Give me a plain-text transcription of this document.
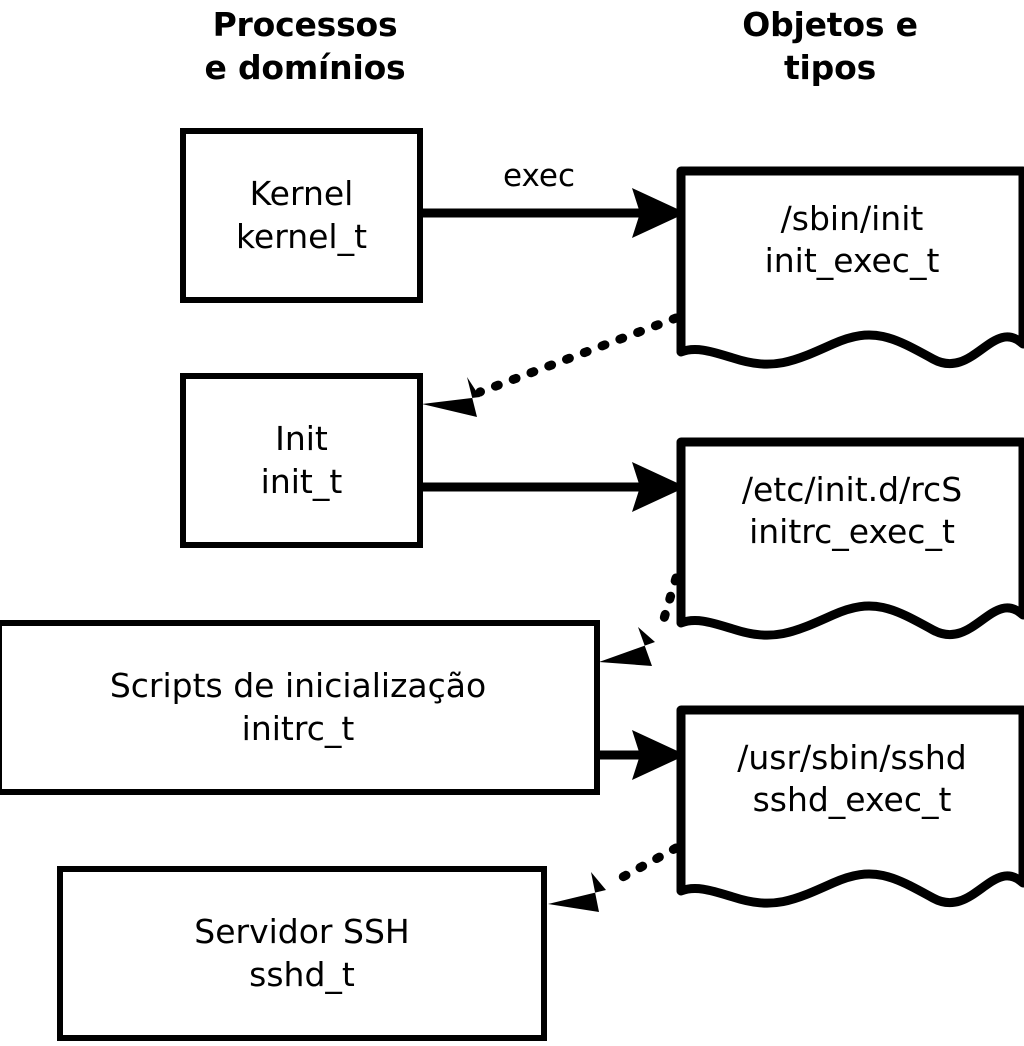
Processos
e domínios
Objetos e
tipos
exec
Kernel
kernel_t
Init
init_t
Scripts de inicialização
initrc_t
Servidor SSH
sshd_t
/sbin/init
init_exec_t
/etc/init.d/rcS
initrc_exec_t
/usr/sbin/sshd
sshd_exec_t
